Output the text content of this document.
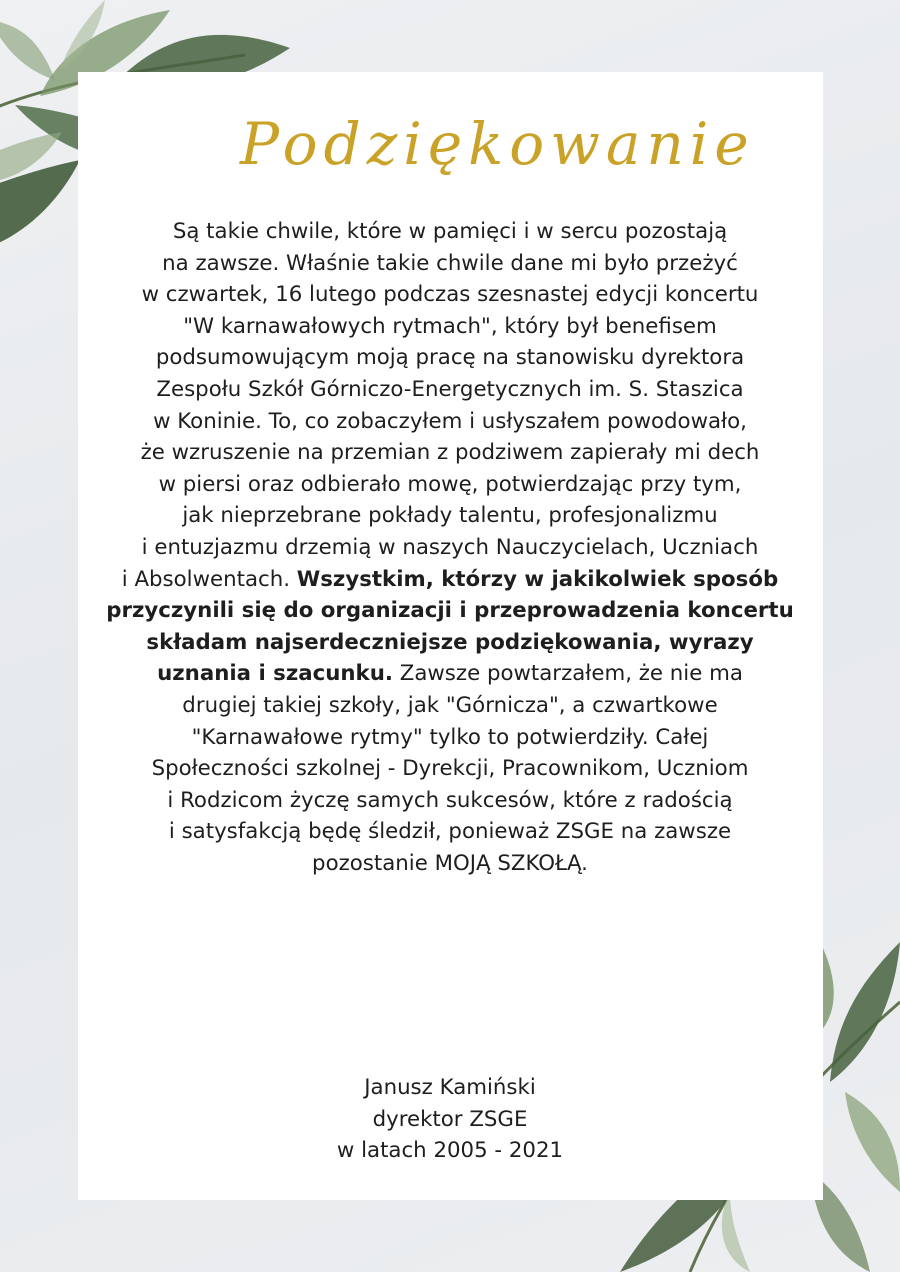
Podziękowanie
Są takie chwile, które w pamięci i w sercu pozostają
na zawsze. Właśnie takie chwile dane mi było przeżyć
w czwartek, 16 lutego podczas szesnastej edycji koncertu
"W karnawałowych rytmach", który był benefisem
podsumowującym moją pracę na stanowisku dyrektora
Zespołu Szkół Górniczo-Energetycznych im. S. Staszica
w Koninie. To, co zobaczyłem i usłyszałem powodowało,
że wzruszenie na przemian z podziwem zapierały mi dech
w piersi oraz odbierało mowę, potwierdzając przy tym,
jak nieprzebrane pokłady talentu, profesjonalizmu
i entuzjazmu drzemią w naszych Nauczycielach, Uczniach
i Absolwentach. Wszystkim, którzy w jakikolwiek sposób
przyczynili się do organizacji i przeprowadzenia koncertu
składam najserdeczniejsze podziękowania, wyrazy
uznania i szacunku. Zawsze powtarzałem, że nie ma
drugiej takiej szkoły, jak "Górnicza", a czwartkowe
"Karnawałowe rytmy" tylko to potwierdziły. Całej
Społeczności szkolnej - Dyrekcji, Pracownikom, Uczniom
i Rodzicom życzę samych sukcesów, które z radością
i satysfakcją będę śledził, ponieważ ZSGE na zawsze
pozostanie MOJĄ SZKOŁĄ.
Janusz Kamiński
dyrektor ZSGE
w latach 2005 - 2021
